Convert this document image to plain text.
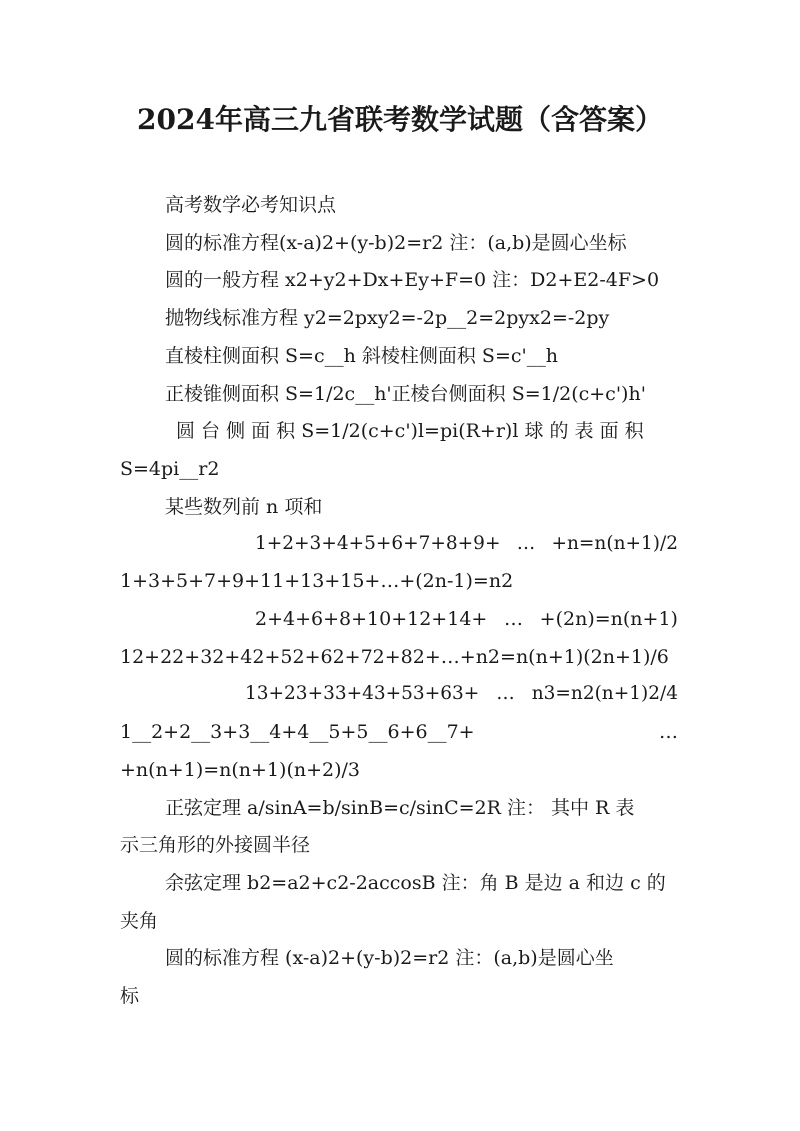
2024年高三九省联考数学试题（含答案）
高考数学必考知识点
圆的标准方程(x-a)2+(y-b)2=r2 注：(a,b)是圆心坐标
圆的一般方程 x2+y2+Dx+Ey+F=0 注：D2+E2-4F>0
抛物线标准方程 y2=2pxy2=-2p__2=2pyx2=-2py
直棱柱侧面积 S=c__h 斜棱柱侧面积 S=c'__h
正棱锥侧面积 S=1/2c__h'正棱台侧面积 S=1/2(c+c')h'
圆 台 侧 面 积 S=1/2(c+c')l=pi(R+r)l 球 的 表 面 积
S=4pi__r2
某些数列前 n 项和
1+2+3+4+5+6+7+8+9+ … +n=n(n+1)/2
1+3+5+7+9+11+13+15+…+(2n-1)=n2
2+4+6+8+10+12+14+ … +(2n)=n(n+1)
12+22+32+42+52+62+72+82+…+n2=n(n+1)(2n+1)/6
13+23+33+43+53+63+ … n3=n2(n+1)2/4
1__2+2__3+3__4+4__5+5__6+6__7+	…
+n(n+1)=n(n+1)(n+2)/3
正弦定理 a/sinA=b/sinB=c/sinC=2R 注： 其中 R 表
示三角形的外接圆半径
余弦定理 b2=a2+c2-2accosB 注：角 B 是边 a 和边 c 的
夹角
圆的标准方程 (x-a)2+(y-b)2=r2 注：(a,b)是圆心坐
标
